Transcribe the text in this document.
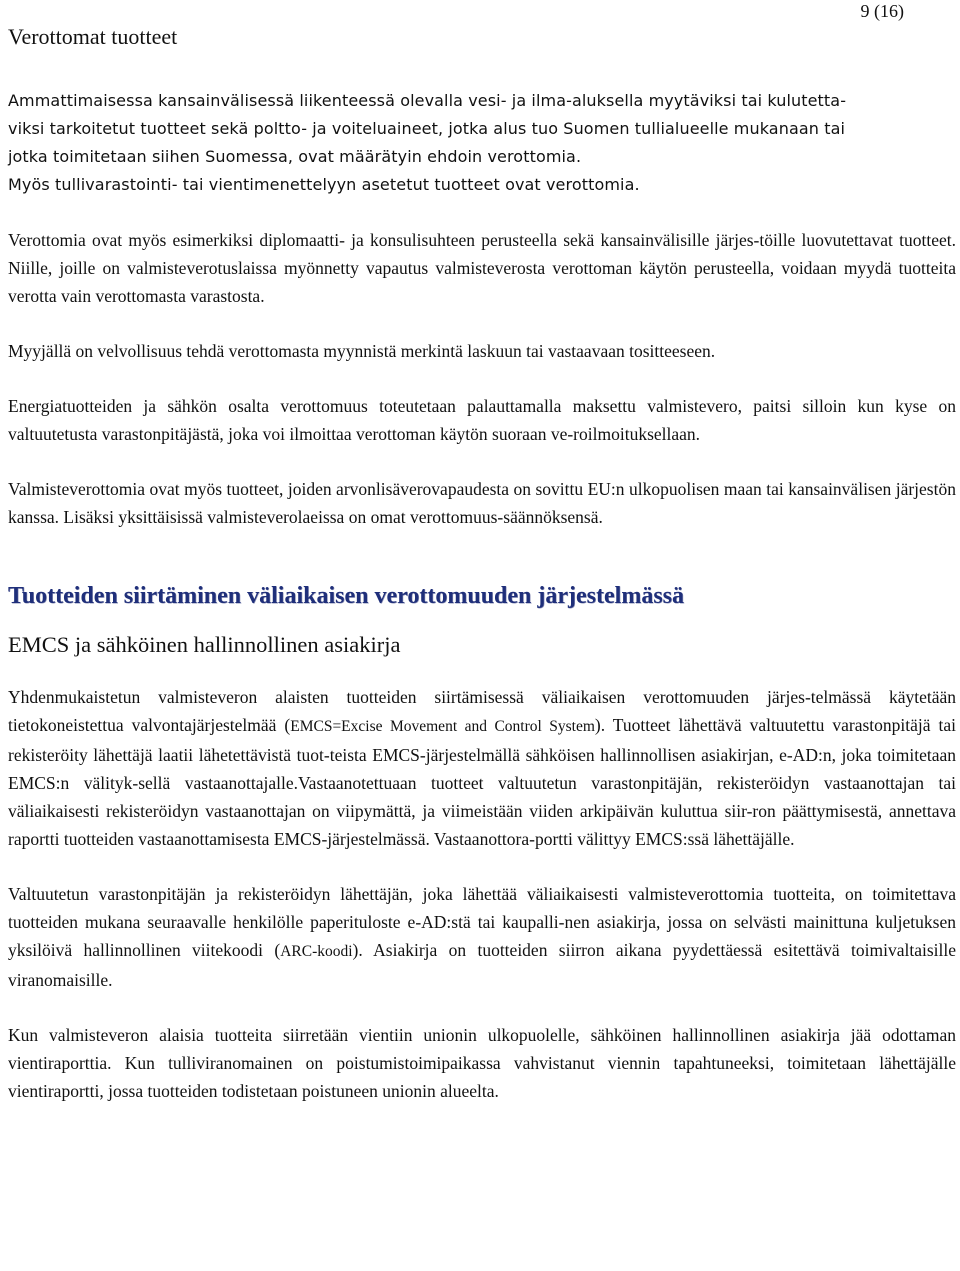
Verottomat tuotteet
9 (16)

Ammattimaisessa kansainvälisessä liikenteessä olevalla vesi- ja ilma-aluksella myytäviksi tai kulutetta-
viksi tarkoitetut tuotteet sekä poltto- ja voiteluaineet, jotka alus tuo Suomen tullialueelle mukanaan tai
jotka toimitetaan siihen Suomessa, ovat määrätyin ehdoin verottomia.
Myös tullivarastointi- tai vientimenettelyyn asetetut tuotteet ovat verottomia.

Verottomia ovat myös esimerkiksi diplomaatti- ja konsulisuhteen perusteella sekä kansainvälisille järjes-töille luovutettavat tuotteet. Niille, joille on valmisteverotuslaissa myönnetty vapautus valmisteverosta verottoman käytön perusteella, voidaan myydä tuotteita verotta vain verottomasta varastosta.

Myyjällä on velvollisuus tehdä verottomasta myynnistä merkintä laskuun tai vastaavaan tositteeseen.

Energiatuotteiden ja sähkön osalta verottomuus toteutetaan palauttamalla maksettu valmistevero, paitsi silloin kun kyse on valtuutetusta varastonpitäjästä, joka voi ilmoittaa verottoman käytön suoraan ve-roilmoituksellaan.

Valmisteverottomia ovat myös tuotteet, joiden arvonlisäverovapaudesta on sovittu EU:n ulkopuolisen maan tai kansainvälisen järjestön kanssa. Lisäksi yksittäisissä valmisteverolaeissa on omat verottomuus-säännöksensä.

Tuotteiden siirtäminen väliaikaisen verottomuuden järjestelmässä
EMCS ja sähköinen hallinnollinen asiakirja

Yhdenmukaistetun valmisteveron alaisten tuotteiden siirtämisessä väliaikaisen verottomuuden järjes-telmässä käytetään tietokoneistettua valvontajärjestelmää (EMCS=Excise Movement and Control System). Tuotteet lähettävä valtuutettu varastonpitäjä tai rekisteröity lähettäjä laatii lähetettävistä tuot-teista EMCS-järjestelmällä sähköisen hallinnollisen asiakirjan, e-AD:n, joka toimitetaan EMCS:n välityk-sellä vastaanottajalle.Vastaanotettuaan tuotteet valtuutetun varastonpitäjän, rekisteröidyn vastaanottajan tai väliaikaisesti rekisteröidyn vastaanottajan on viipymättä, ja viimeistään viiden arkipäivän kuluttua siir-ron päättymisestä, annettava raportti tuotteiden vastaanottamisesta EMCS-järjestelmässä. Vastaanottora-portti välittyy EMCS:ssä lähettäjälle.

Valtuutetun varastonpitäjän ja rekisteröidyn lähettäjän, joka lähettää väliaikaisesti valmisteverottomia tuotteita, on toimitettava tuotteiden mukana seuraavalle henkilölle paperituloste e-AD:stä tai kaupalli-nen asiakirja, jossa on selvästi mainittuna kuljetuksen yksilöivä hallinnollinen viitekoodi (ARC-koodi). Asiakirja on tuotteiden siirron aikana pyydettäessä esitettävä toimivaltaisille viranomaisille.

Kun valmisteveron alaisia tuotteita siirretään vientiin unionin ulkopuolelle, sähköinen hallinnollinen asiakirja jää odottaman vientiraporttia. Kun tulliviranomainen on poistumistoimipaikassa vahvistanut viennin tapahtuneeksi, toimitetaan lähettäjälle vientiraportti, jossa tuotteiden todistetaan poistuneen unionin alueelta.
